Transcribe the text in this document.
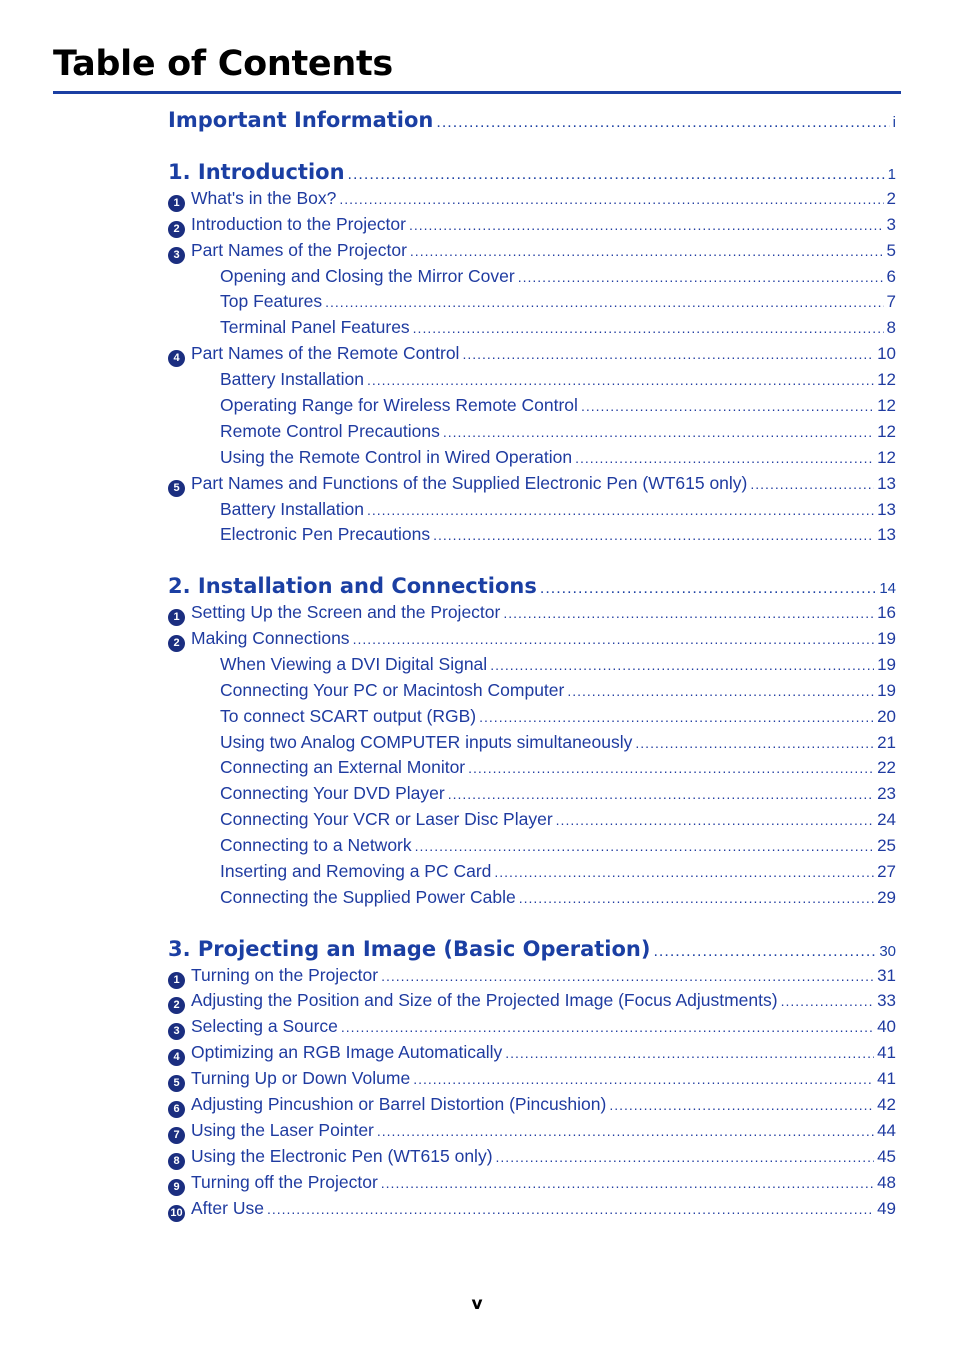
Table of Contents
Important Information .....	i
1. Introduction .....	1
1 What's in the Box? .....	2
2 Introduction to the Projector .....	3
3 Part Names of the Projector .....	5
Opening and Closing the Mirror Cover .....	6
Top Features .....	7
Terminal Panel Features .....	8
4 Part Names of the Remote Control .....	10
Battery Installation .....	12
Operating Range for Wireless Remote Control .....	12
Remote Control Precautions .....	12
Using the Remote Control in Wired Operation .....	12
5 Part Names and Functions of the Supplied Electronic Pen (WT615 only) .....	13
Battery Installation .....	13
Electronic Pen Precautions .....	13
2. Installation and Connections .....	14
1 Setting Up the Screen and the Projector .....	16
2 Making Connections .....	19
When Viewing a DVI Digital Signal .....	19
Connecting Your PC or Macintosh Computer .....	19
To connect SCART output (RGB) .....	20
Using two Analog COMPUTER inputs simultaneously .....	21
Connecting an External Monitor .....	22
Connecting Your DVD Player .....	23
Connecting Your VCR or Laser Disc Player .....	24
Connecting to a Network .....	25
Inserting and Removing a PC Card .....	27
Connecting the Supplied Power Cable .....	29
3. Projecting an Image (Basic Operation) .....	30
1 Turning on the Projector .....	31
2 Adjusting the Position and Size of the Projected Image (Focus Adjustments) .....	33
3 Selecting a Source .....	40
4 Optimizing an RGB Image Automatically .....	41
5 Turning Up or Down Volume .....	41
6 Adjusting Pincushion or Barrel Distortion (Pincushion) .....	42
7 Using the Laser Pointer .....	44
8 Using the Electronic Pen (WT615 only) .....	45
9 Turning off the Projector .....	48
10 After Use .....	49
v
